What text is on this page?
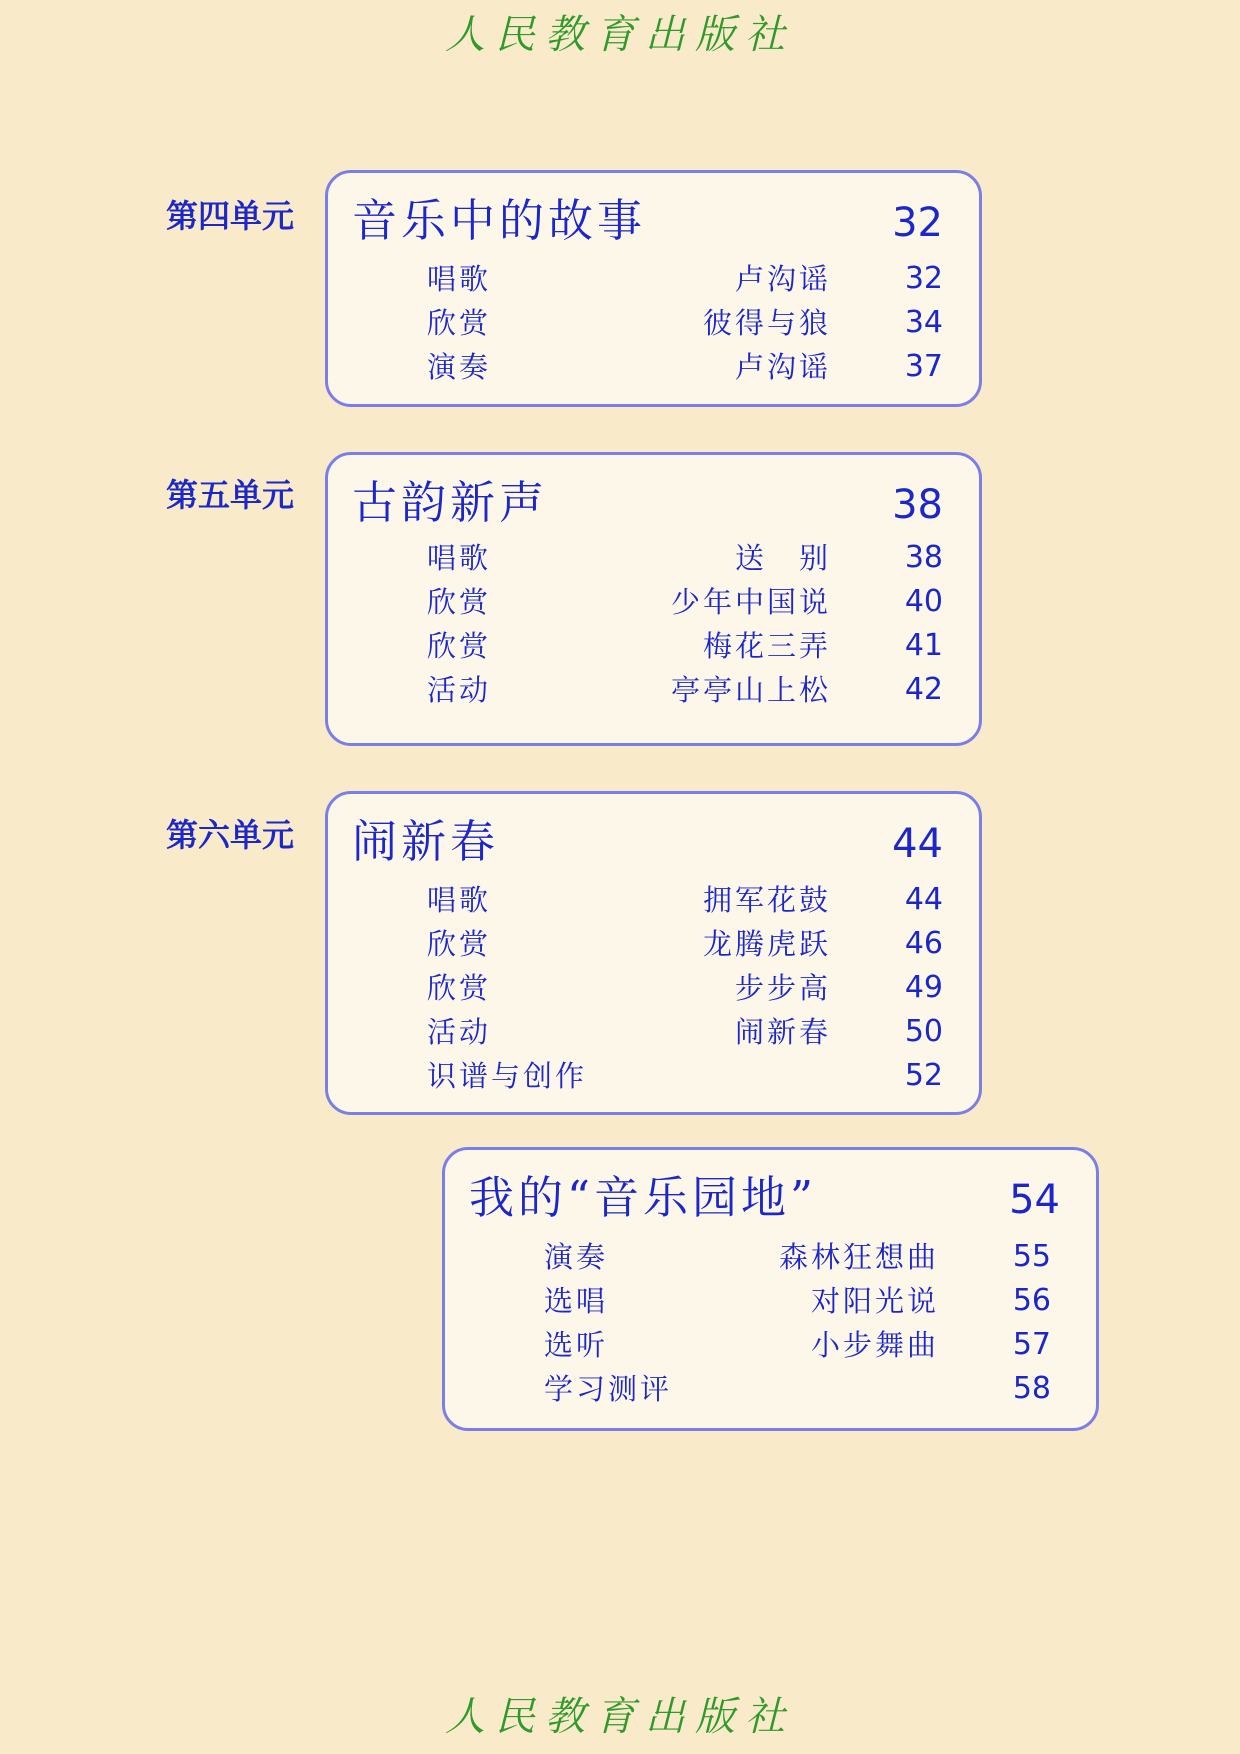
人民教育出版社
第四单元	音乐中的故事	32
唱歌	卢沟谣 32
欣赏	彼得与狼 34
演奏	卢沟谣 37
第五单元	古韵新声	38
唱歌	送　别 38
欣赏	少年中国说 40
欣赏	梅花三弄 41
活动	亭亭山上松 42
第六单元	闹新春	44
唱歌	拥军花鼓 44
欣赏	龙腾虎跃 46
欣赏	步步高 49
活动	闹新春 50
识谱与创作	52
我的“音乐园地”	54
演奏	森林狂想曲 55
选唱	对阳光说 56
选听	小步舞曲 57
学习测评	58
人民教育出版社
